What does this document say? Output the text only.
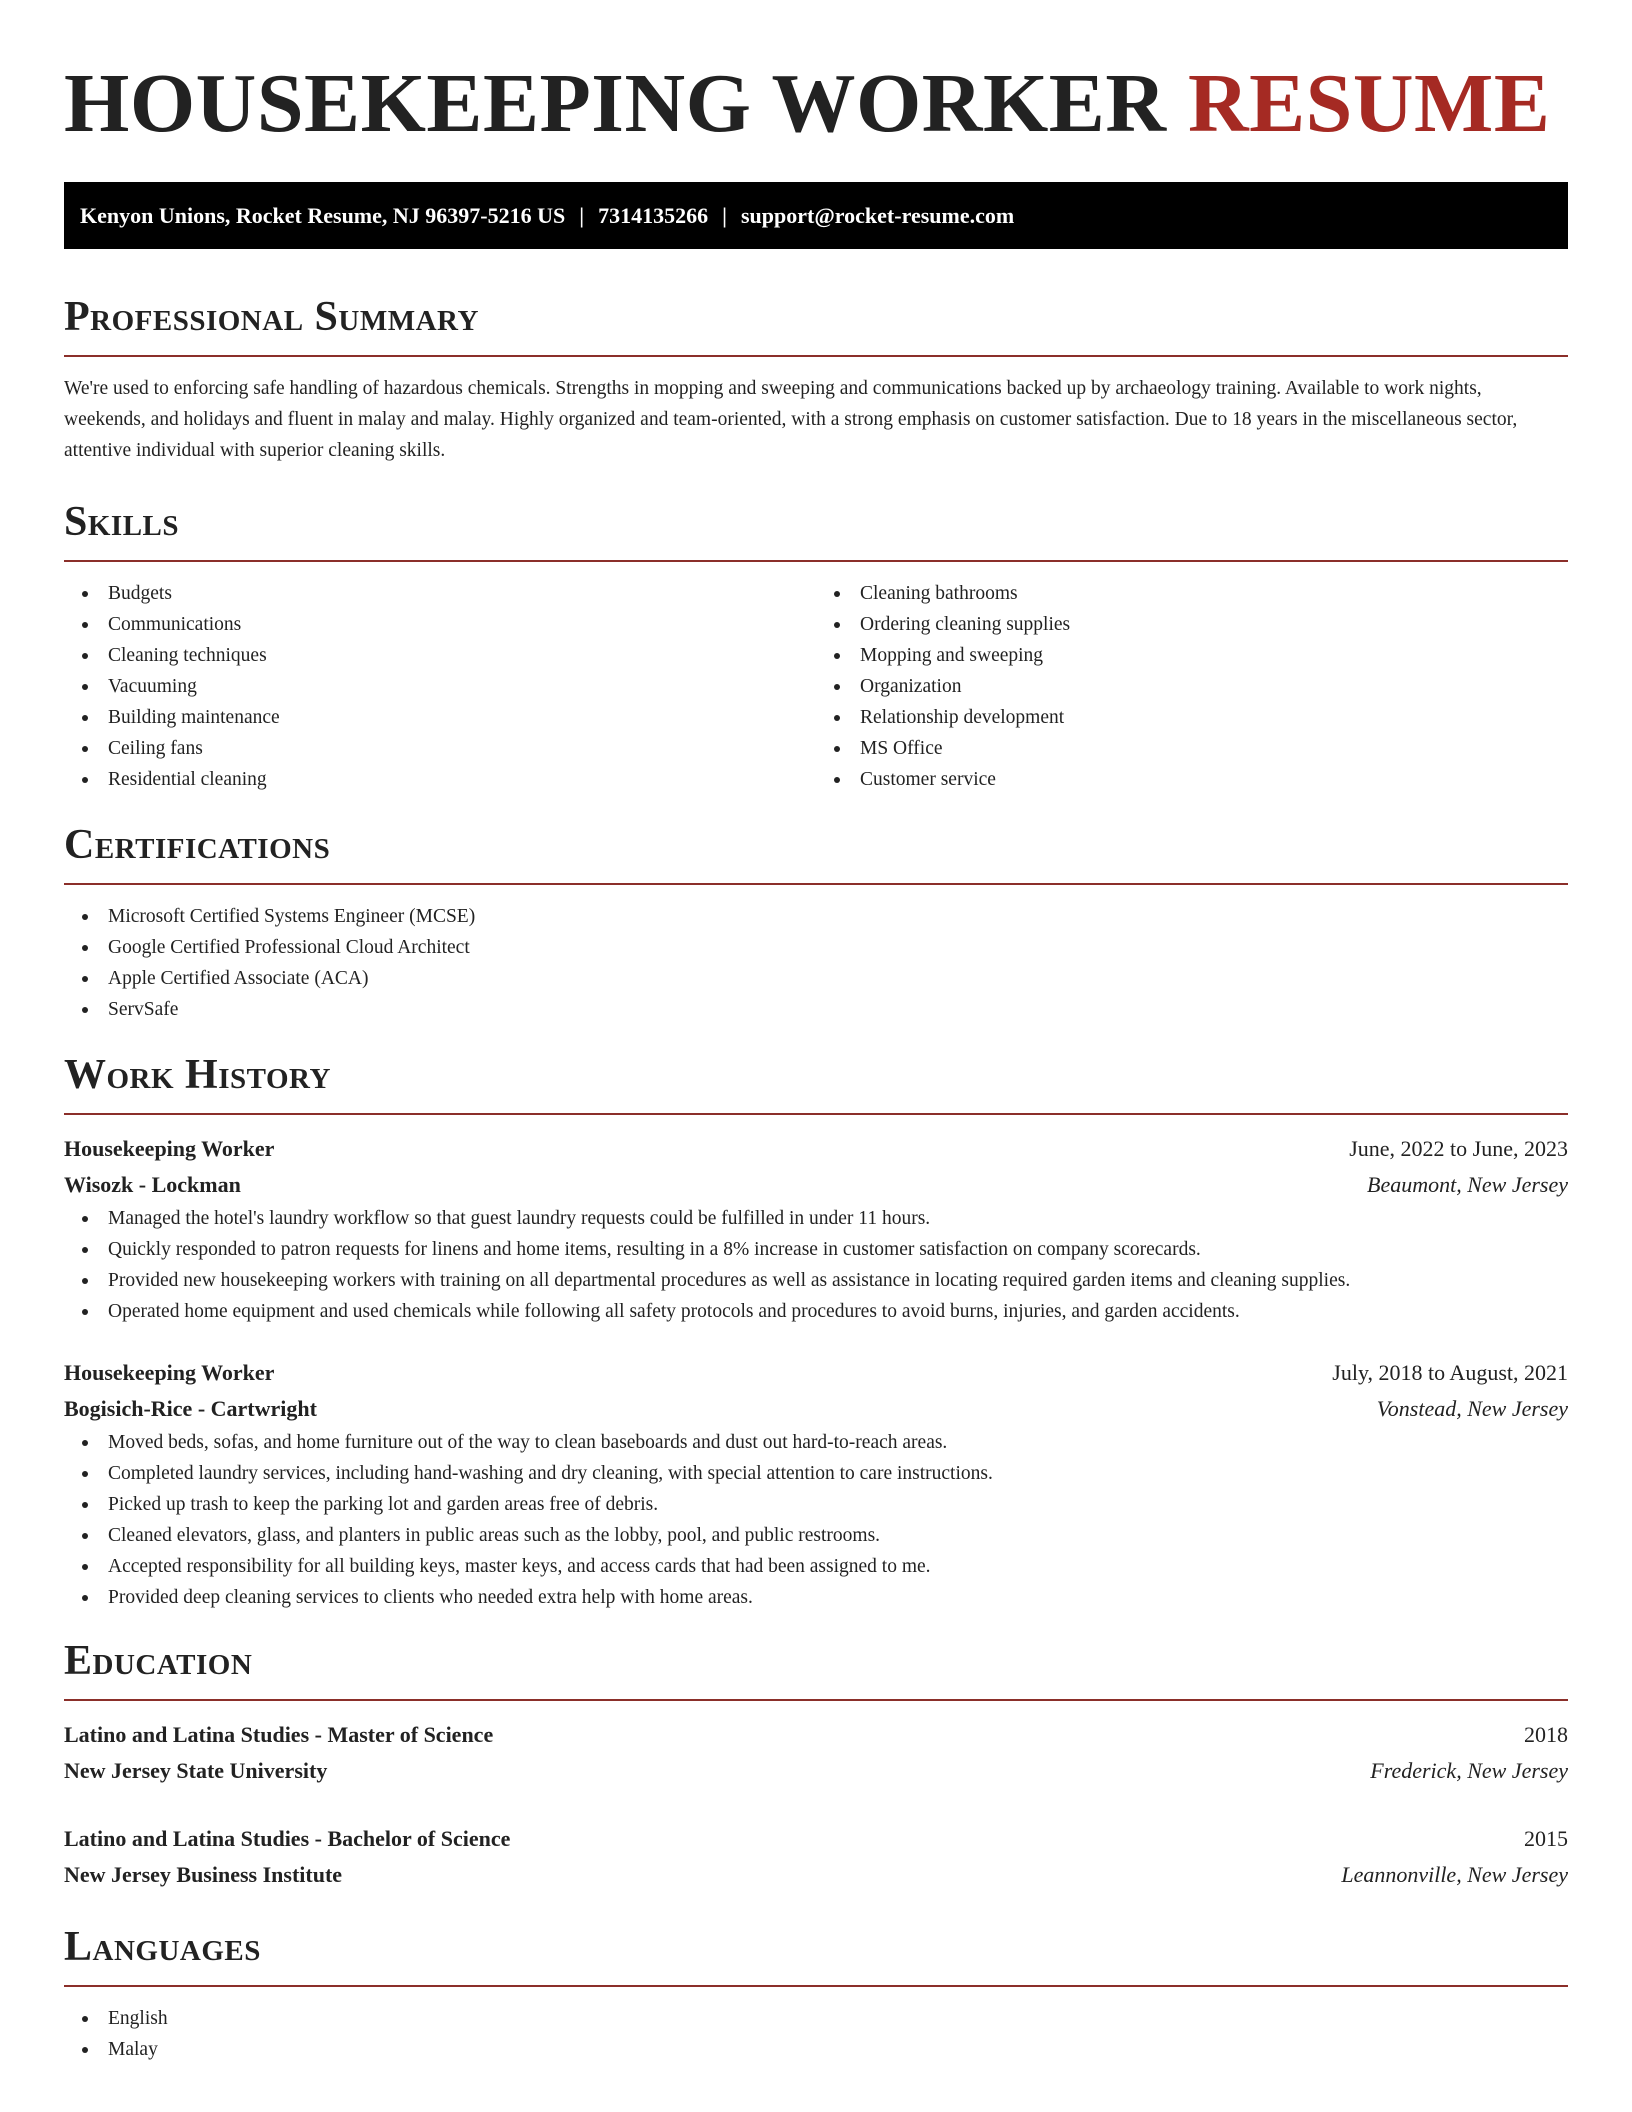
HOUSEKEEPING WORKER RESUME
Kenyon Unions, Rocket Resume, NJ 96397-5216 US | 7314135266 | support@rocket-resume.com
Professional Summary

We're used to enforcing safe handling of hazardous chemicals. Strengths in mopping and sweeping and communications backed up by archaeology training. Available to work nights, weekends, and holidays and fluent in malay and malay. Highly organized and team-oriented, with a strong emphasis on customer satisfaction. Due to 18 years in the miscellaneous sector, attentive individual with superior cleaning skills.

Skills
Budgets
Communications
Cleaning techniques
Vacuuming
Building maintenance
Ceiling fans
Residential cleaning
Cleaning bathrooms
Ordering cleaning supplies
Mopping and sweeping
Organization
Relationship development
MS Office
Customer service
Certifications
Microsoft Certified Systems Engineer (MCSE)
Google Certified Professional Cloud Architect
Apple Certified Associate (ACA)
ServSafe
Work History
Housekeeping Worker	June, 2022 to June, 2023
Wisozk - Lockman	Beaumont, New Jersey
Managed the hotel's laundry workflow so that guest laundry requests could be fulfilled in under 11 hours.
Quickly responded to patron requests for linens and home items, resulting in a 8% increase in customer satisfaction on company scorecards.
Provided new housekeeping workers with training on all departmental procedures as well as assistance in locating required garden items and cleaning supplies.
Operated home equipment and used chemicals while following all safety protocols and procedures to avoid burns, injuries, and garden accidents.
Housekeeping Worker	July, 2018 to August, 2021
Bogisich-Rice - Cartwright	Vonstead, New Jersey
Moved beds, sofas, and home furniture out of the way to clean baseboards and dust out hard-to-reach areas.
Completed laundry services, including hand-washing and dry cleaning, with special attention to care instructions.
Picked up trash to keep the parking lot and garden areas free of debris.
Cleaned elevators, glass, and planters in public areas such as the lobby, pool, and public restrooms.
Accepted responsibility for all building keys, master keys, and access cards that had been assigned to me.
Provided deep cleaning services to clients who needed extra help with home areas.
Education
Latino and Latina Studies - Master of Science	2018
New Jersey State University	Frederick, New Jersey
Latino and Latina Studies - Bachelor of Science	2015
New Jersey Business Institute	Leannonville, New Jersey
Languages
English
Malay
